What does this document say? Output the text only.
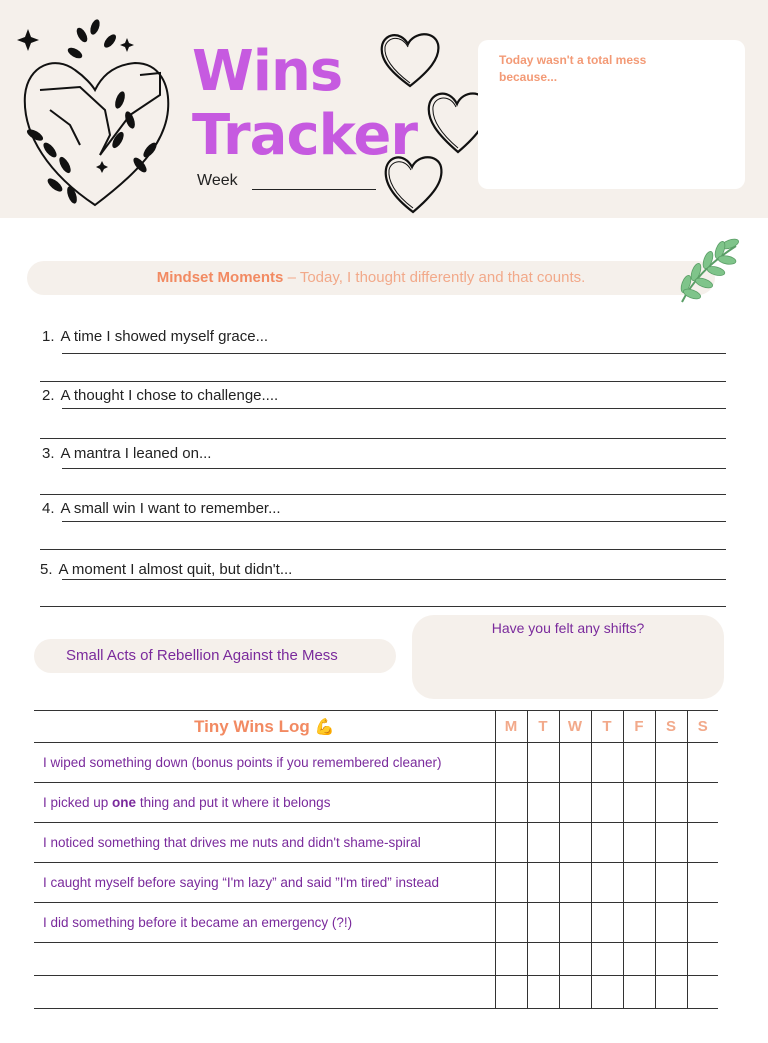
Wins
Tracker
Week
Today wasn't a total mess because...
Mindset Moments – Today, I thought differently and that counts.
1. A time I showed myself grace...
2. A thought I chose to challenge....
3. A mantra I leaned on...
4. A small win I want to remember...
5. A moment I almost quit, but didn't...
Small Acts of Rebellion Against the Mess
Have you felt any shifts?
Tiny Wins Log 💪	M	T	W	T	F	S	S
I wiped something down (bonus points if you remembered cleaner)							
I picked up one thing and put it where it belongs							
I noticed something that drives me nuts and didn't shame-spiral							
I caught myself before saying “I'm lazy” and said ”I'm tired” instead							
I did something before it became an emergency (?!)							
